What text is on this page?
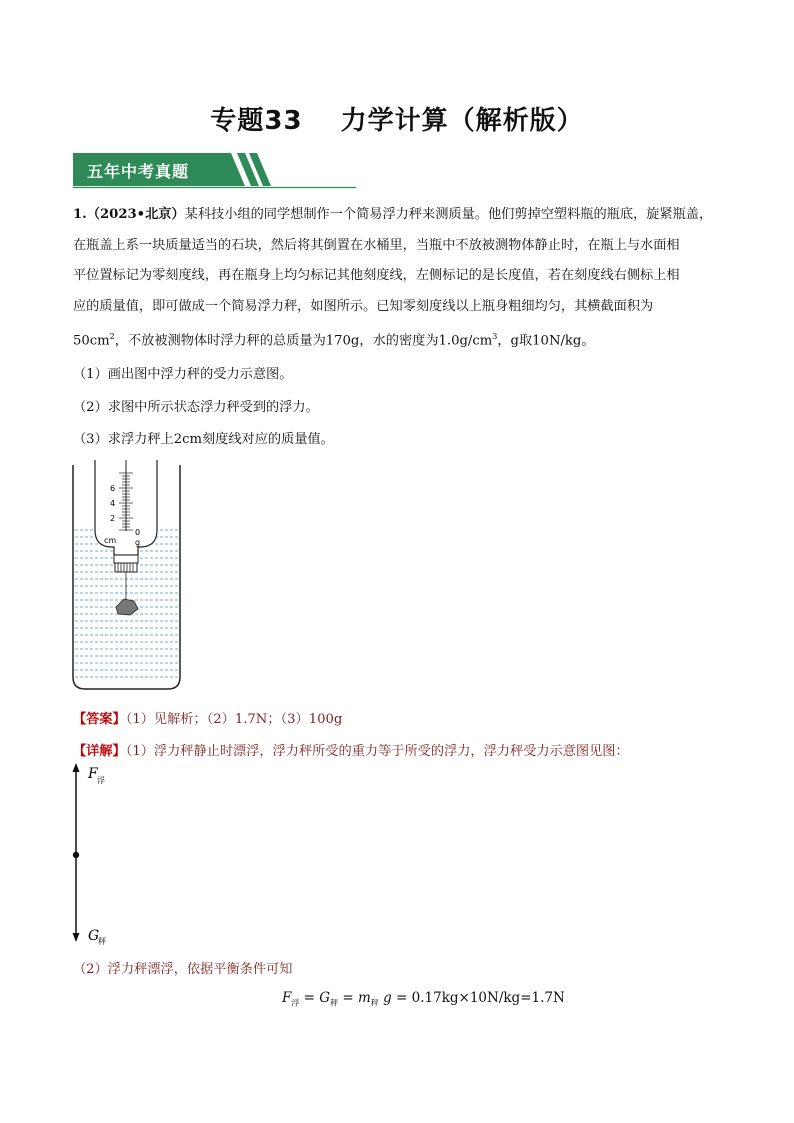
专题33 力学计算（解析版）
五年中考真题
1.（2023•北京）某科技小组的同学想制作一个简易浮力秤来测质量。他们剪掉空塑料瓶的瓶底，旋紧瓶盖，
在瓶盖上系一块质量适当的石块，然后将其倒置在水桶里，当瓶中不放被测物体静止时，在瓶上与水面相
平位置标记为零刻度线，再在瓶身上均匀标记其他刻度线，左侧标记的是长度值，若在刻度线右侧标上相
应的质量值，即可做成一个简易浮力秤，如图所示。已知零刻度线以上瓶身粗细均匀，其横截面积为
$50cm^2$，不放被测物体时浮力秤的总质量为170g，水的密度为$1.0g/cm^3$，g取10N/kg。
（1）画出图中浮力秤的受力示意图。
（2）求图中所示状态浮力秤受到的浮力。
（3）求浮力秤上2cm刻度线对应的质量值。
6
4
2
cm
0
g
【答案】（1）见解析；（2）1.7N；（3）100g
【详解】（1）浮力秤静止时漂浮，浮力秤所受的重力等于所受的浮力，浮力秤受力示意图见图：
F 浮
G
秤
（2）浮力秤漂浮，依据平衡条件可知
$F_浮 = G_秤 = m_秤$ g = 0.17kg×10N/kg=1.7N
